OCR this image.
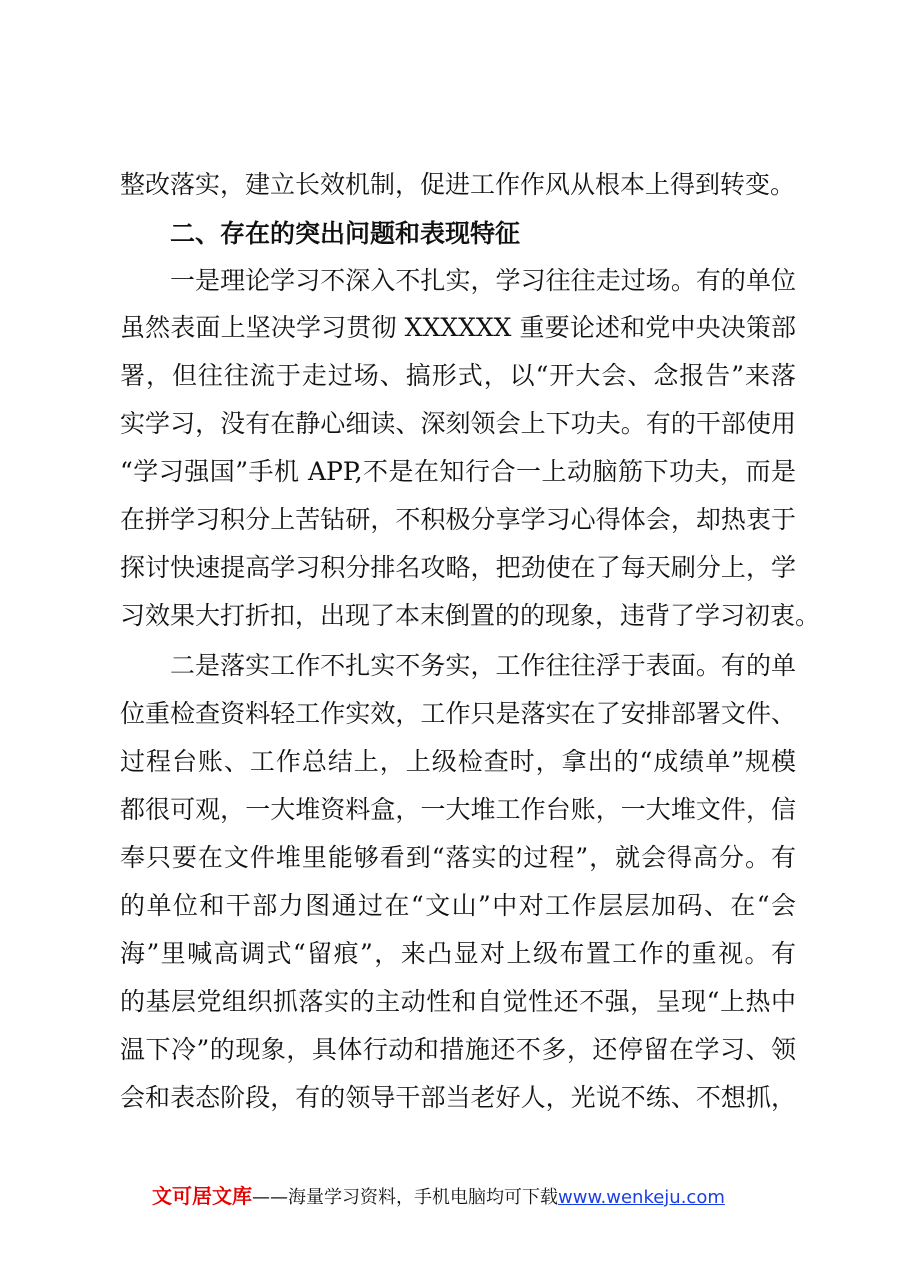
整改落实，建立长效机制，促进工作作风从根本上得到转变。
二、存在的突出问题和表现特征
一是理论学习不深入不扎实，学习往往走过场。有的单位
虽然表面上坚决学习贯彻 XXXXXX 重要论述和党中央决策部
署，但往往流于走过场、搞形式，以“开大会、念报告”来落
实学习，没有在静心细读、深刻领会上下功夫。有的干部使用
“学习强国”手机 APP,不是在知行合一上动脑筋下功夫，而是
在拼学习积分上苦钻研，不积极分享学习心得体会，却热衷于
探讨快速提高学习积分排名攻略，把劲使在了每天刷分上，学
习效果大打折扣，出现了本末倒置的的现象，违背了学习初衷。
二是落实工作不扎实不务实，工作往往浮于表面。有的单
位重检查资料轻工作实效，工作只是落实在了安排部署文件、
过程台账、工作总结上，上级检查时，拿出的“成绩单”规模
都很可观，一大堆资料盒，一大堆工作台账，一大堆文件，信
奉只要在文件堆里能够看到“落实的过程”，就会得高分。有
的单位和干部力图通过在“文山”中对工作层层加码、在“会
海”里喊高调式“留痕”，来凸显对上级布置工作的重视。有
的基层党组织抓落实的主动性和自觉性还不强，呈现“上热中
温下冷”的现象，具体行动和措施还不多，还停留在学习、领
会和表态阶段，有的领导干部当老好人，光说不练、不想抓，
文可居文库——海量学习资料，手机电脑均可下载www.wenkeju.com
